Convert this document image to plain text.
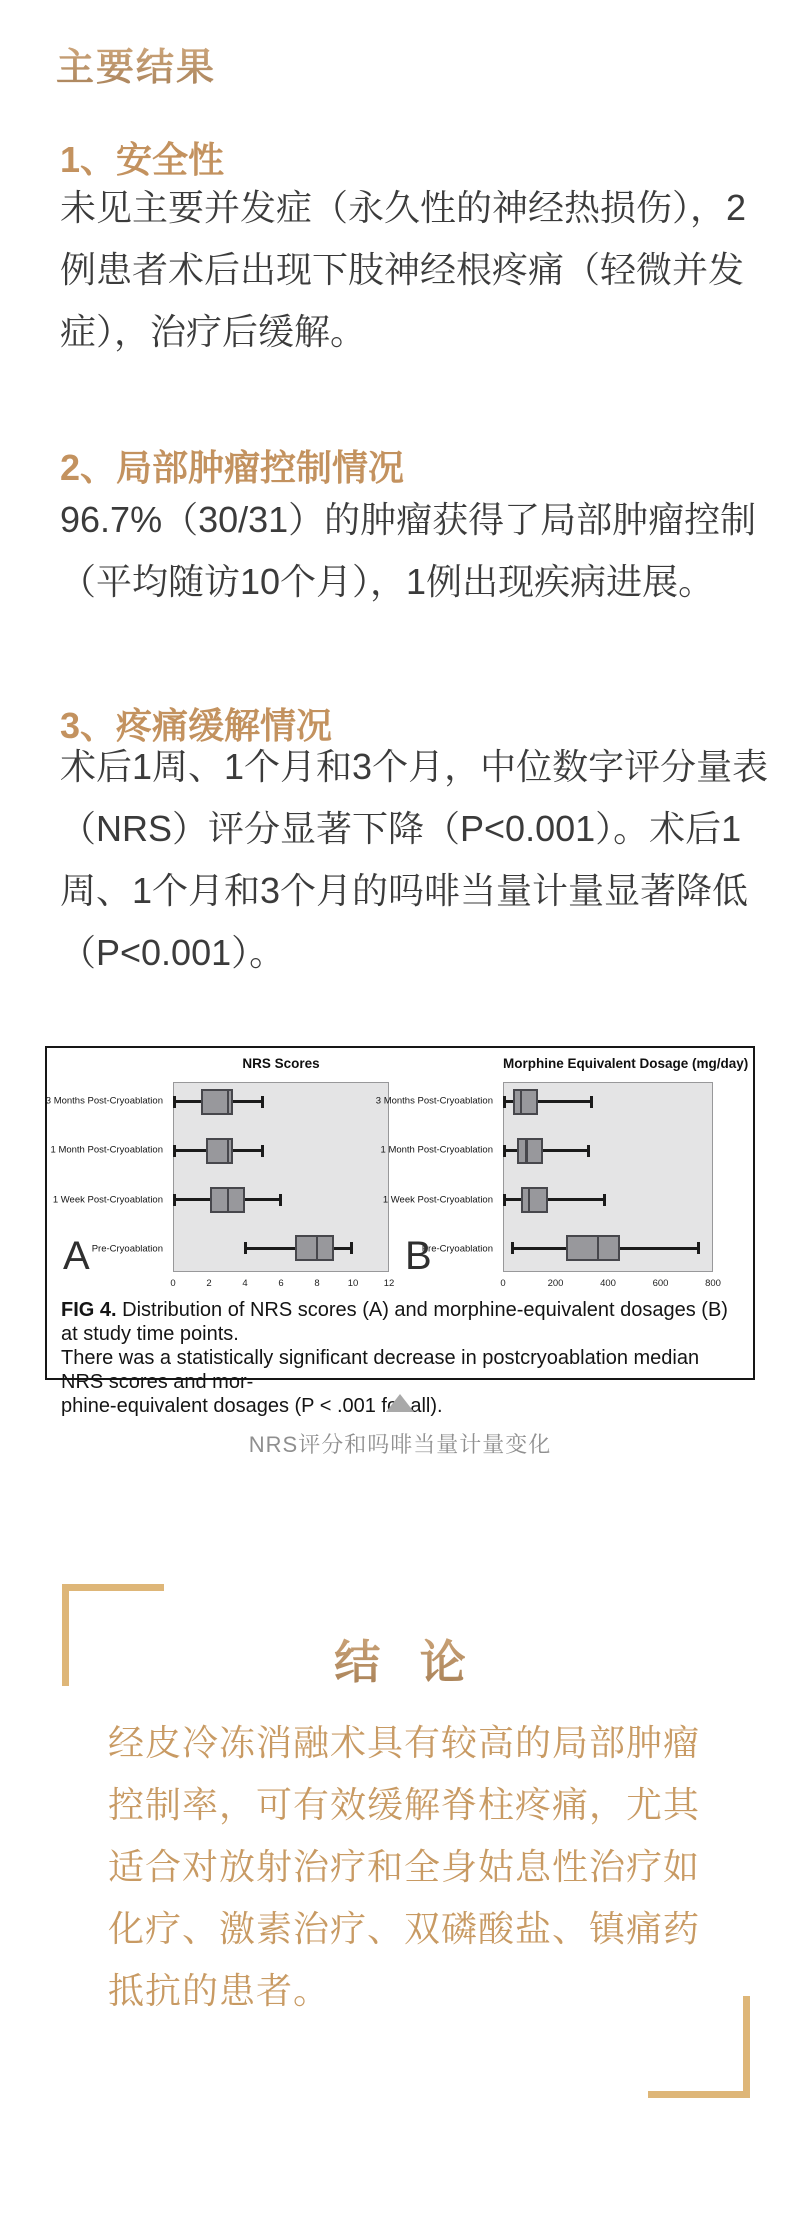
主要结果
1、安全性
未见主要并发症（永久性的神经热损伤），2
例患者术后出现下肢神经根疼痛（轻微并发
症），治疗后缓解。
2、局部肿瘤控制情况
96.7%（30/31）的肿瘤获得了局部肿瘤控制
（平均随访10个月），1例出现疾病进展。
3、疼痛缓解情况
术后1周、1个月和3个月，中位数字评分量表
（NRS）评分显著下降（P<0.001）。术后1
周、1个月和3个月的吗啡当量计量显著降低
（P<0.001）。
NRS Scores
3 Months Post-Cryoablation
1 Month Post-Cryoablation
1 Week Post-Cryoablation
Pre-Cryoablation
0	2	4	6	8	10	12
A
Morphine Equivalent Dosage (mg/day)
3 Months Post-Cryoablation
1 Month Post-Cryoablation
1 Week Post-Cryoablation
Pre-Cryoablation
0	200	400	600	800
B
FIG 4. Distribution of NRS scores (A) and morphine-equivalent dosages (B) at study time points.
There was a statistically significant decrease in postcryoablation median NRS scores and mor-
phine-equivalent dosages (P < .001 for all).
NRS评分和吗啡当量计量变化
结 论
经皮冷冻消融术具有较高的局部肿瘤
控制率，可有效缓解脊柱疼痛，尤其
适合对放射治疗和全身姑息性治疗如
化疗、激素治疗、双磷酸盐、镇痛药
抵抗的患者。
